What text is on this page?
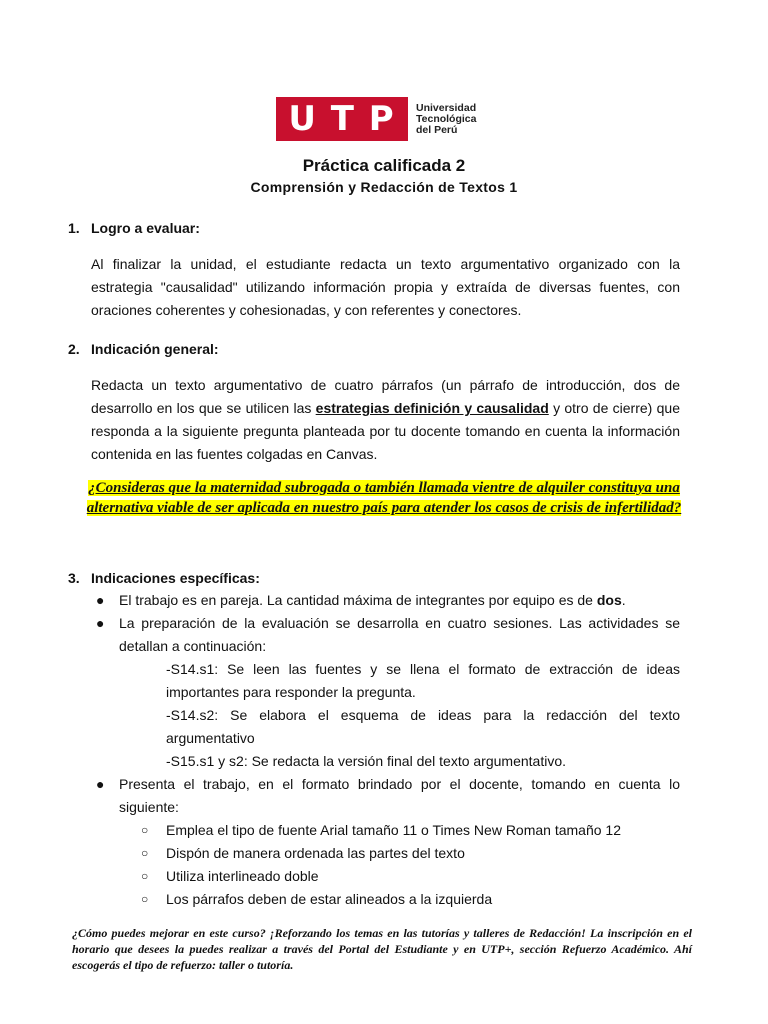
U T P Universidad
Tecnológica
del Perú
Práctica calificada 2
Comprensión y Redacción de Textos 1
1. Logro a evaluar:
Al finalizar la unidad, el estudiante redacta un texto argumentativo organizado con la estrategia "causalidad" utilizando información propia y extraída de diversas fuentes, con oraciones coherentes y cohesionadas, y con referentes y conectores.
2. Indicación general:
Redacta un texto argumentativo de cuatro párrafos (un párrafo de introducción, dos de desarrollo en los que se utilicen las estrategias definición y causalidad y otro de cierre) que responda a la siguiente pregunta planteada por tu docente tomando en cuenta la información contenida en las fuentes colgadas en Canvas.
¿Consideras que la maternidad subrogada o también llamada vientre de alquiler constituya una alternativa viable de ser aplicada en nuestro país para atender los casos de crisis de infertilidad?
3. Indicaciones específicas:
● El trabajo es en pareja. La cantidad máxima de integrantes por equipo es de dos.
● La preparación de la evaluación se desarrolla en cuatro sesiones. Las actividades se detallan a continuación:
-S14.s1: Se leen las fuentes y se llena el formato de extracción de ideas importantes para responder la pregunta.
-S14.s2: Se elabora el esquema de ideas para la redacción del texto argumentativo
-S15.s1 y s2: Se redacta la versión final del texto argumentativo.
● Presenta el trabajo, en el formato brindado por el docente, tomando en cuenta lo siguiente:
○ Emplea el tipo de fuente Arial tamaño 11 o Times New Roman tamaño 12
○ Dispón de manera ordenada las partes del texto
○ Utiliza interlineado doble
○ Los párrafos deben de estar alineados a la izquierda
¿Cómo puedes mejorar en este curso? ¡Reforzando los temas en las tutorías y talleres de Redacción! La inscripción en el horario que desees la puedes realizar a través del Portal del Estudiante y en UTP+, sección Refuerzo Académico. Ahí escogerás el tipo de refuerzo: taller o tutoría.
